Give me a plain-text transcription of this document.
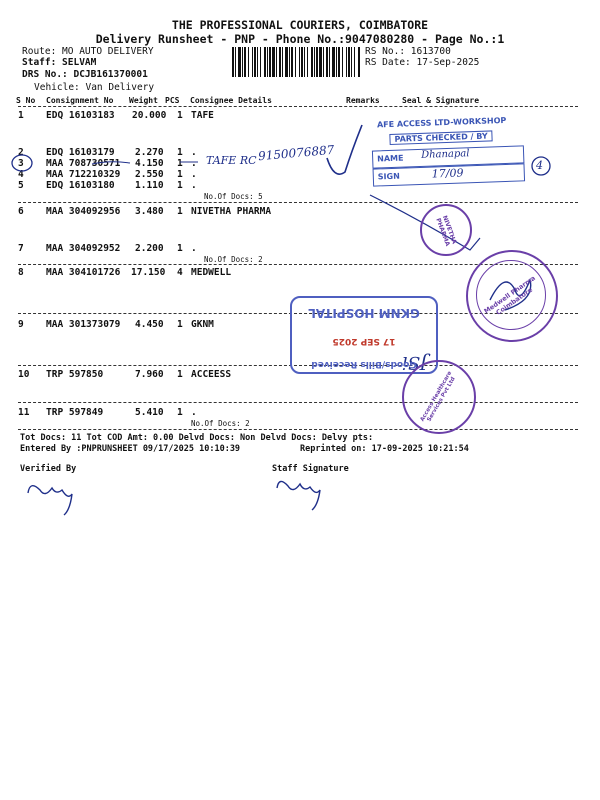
THE PROFESSIONAL COURIERS, COIMBATORE
Delivery Runsheet - PNP - Phone No.:9047080280 - Page No.:1
Route: MO AUTO DELIVERY
Staff: SELVAM
DRS No.: DCJB161370001
Vehicle: Van Delivery
RS No.: 1613700
RS Date: 17-Sep-2025
S No Consignment No Weight PCS Consignee Details	Remarks	Seal & Signature
1 EDQ 16103183 20.000 1 TAFE
2 EDQ 16103179 2.270 1 .
3 MAA 708730571 4.150 1 .
4 MAA 712210329 2.550 1 .
5 EDQ 16103180 1.110 1 .
No.Of Docs: 5
6 MAA 304092956 3.480 1 NIVETHA PHARMA
7 MAA 304092952 2.200 1 .
No.Of Docs: 2
8 MAA 304101726 17.150 4 MEDWELL
9 MAA 301373079 4.450 1 GKNM
10 TRP 597850	7.960 1 ACCEESS
11 TRP 597849	5.410 1 .
No.Of Docs: 2
Tot Docs: 11 Tot COD Amt: 0.00 Delvd Docs: Non Delvd Docs: Delvy pts:
Entered By :PNPRUNSHEET 09/17/2025 10:10:39	Reprinted on: 17-09-2025 10:21:54
Verified By	Staff Signature
TAFE RC 9150076887
4
JSi
AFE ACCESS LTD-WORKSHOP
PARTS CHECKED / BY
NAME Dhanapal
SIGN	17/09
NIVETHA PHARMA
Medwell Pharma Coimbatore
Goods/Bills Received
17 SEP 2025
GKNM HOSPITAL
Access Healthcare Services Pvt Ltd
